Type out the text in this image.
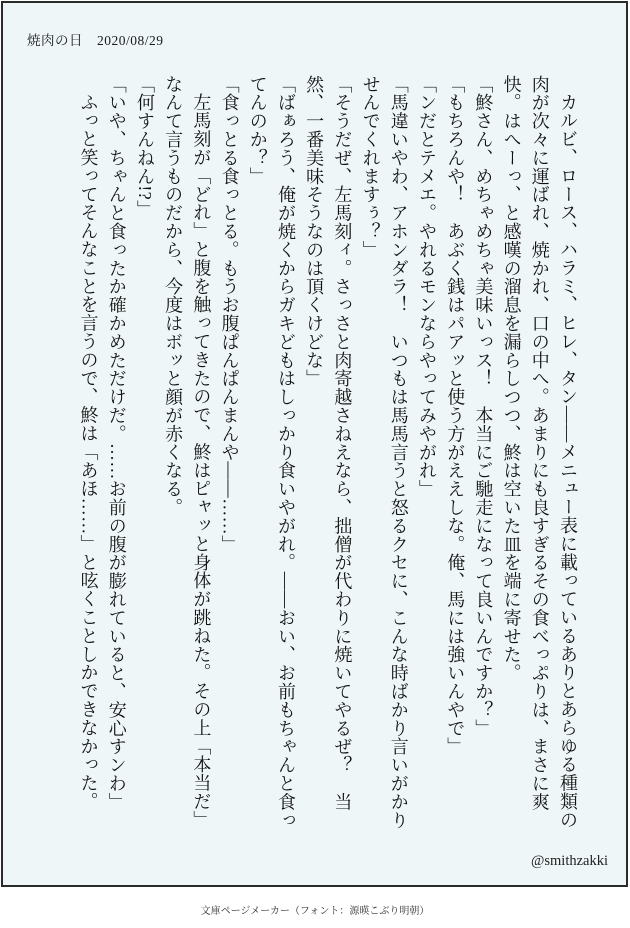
焼肉の日 2020/08/29

カルビ、ロース、ハラミ、ヒレ、タン——メニュー表に載っているありとあらゆる種類の肉が次々に運ばれ、焼かれ、口の中へ。あまりにも良すぎるその食べっぷりは、まさに爽快。はへーっ、と感嘆の溜息を漏らしつつ、鮗は空いた皿を端に寄せた。

「鮗さん、めちゃめちゃ美味いっス！　本当にご馳走になって良いんですか？」

「もちろんや！　あぶく銭はパアッと使う方がええしな。俺、馬には強いんやで」

「ンだとテメエ。やれるモンならやってみやがれ」

「馬違いやわ、アホンダラ！　いつもは馬馬言うと怒るクセに、こんな時ばかり言いがかりせんでくれますぅ？」

「そうだぜ、左馬刻ィ。さっさと肉寄越さねえなら、拙僧が代わりに焼いてやるぜ？　当然、一番美味そうなのは頂くけどな」

「ばぁろう、俺が焼くからガキどもはしっかり食いやがれ。——おい、お前もちゃんと食ってんのか？」

「食っとる食っとる。もうお腹ぱんぱんまんや——……」

左馬刻が「どれ」と腹を触ってきたので、鮗はピャッと身体が跳ねた。その上「本当だ」なんて言うものだから、今度はボッと顔が赤くなる。

「何すんねん!?」

「いや、ちゃんと食ったか確かめただけだ。……お前の腹が膨れていると、安心すンわ」

ふっと笑ってそんなことを言うので、鮗は「あほ……」と呟くことしかできなかった。

@smithzakki
文庫ページメーカー（フォント：源暎こぶり明朝）
